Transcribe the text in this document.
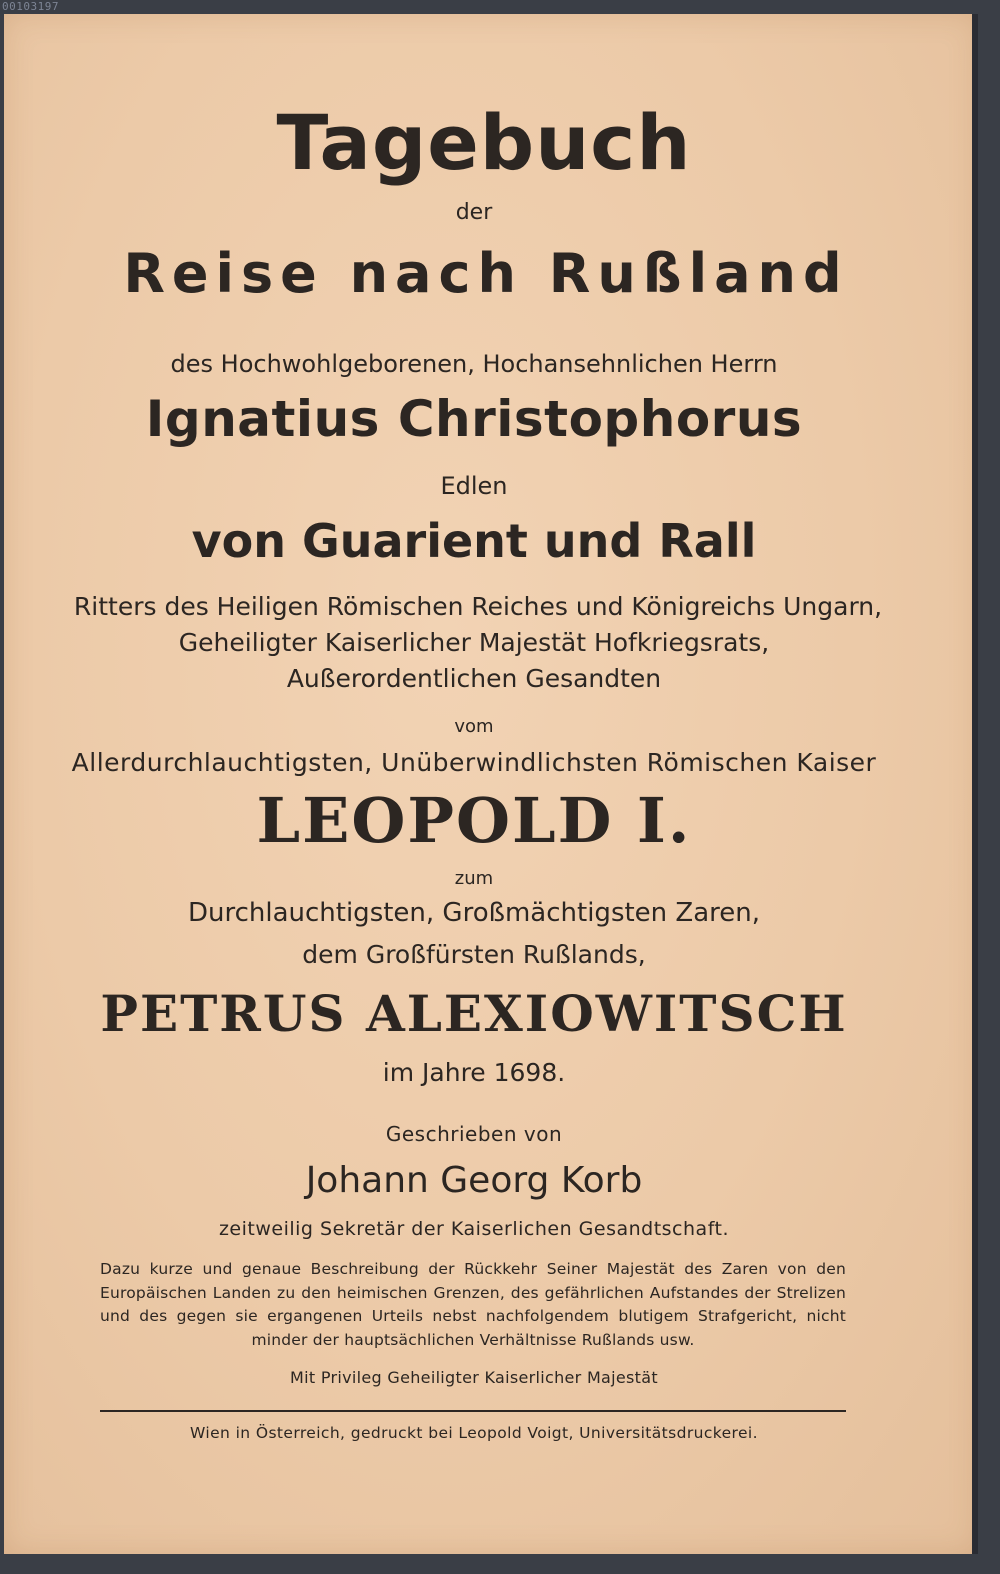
00103197
Tagebuch
der
Reise nach Rußland
des Hochwohlgeborenen, Hochansehnlichen Herrn
Ignatius Christophorus
Edlen
von Guarient und Rall
Ritters des Heiligen Römischen Reiches und Königreichs Ungarn,
Geheiligter Kaiserlicher Majestät Hofkriegsrats,
Außerordentlichen Gesandten
vom
Allerdurchlauchtigsten, Unüberwindlichsten Römischen Kaiser
LEOPOLD I.
zum
Durchlauchtigsten, Großmächtigsten Zaren,
dem Großfürsten Rußlands,
PETRUS ALEXIOWITSCH
im Jahre 1698.
Geschrieben von
Johann Georg Korb
zeitweilig Sekretär der Kaiserlichen Gesandtschaft.
Dazu kurze und genaue Beschreibung der Rückkehr Seiner Majestät des Zaren von den Europäischen Landen zu den heimischen Grenzen, des gefährlichen Aufstandes der Strelizen und des gegen sie ergangenen Urteils nebst nachfolgendem blutigem Strafgericht, nicht minder der hauptsächlichen Verhältnisse Rußlands usw.
Mit Privileg Geheiligter Kaiserlicher Majestät
Wien in Österreich, gedruckt bei Leopold Voigt, Universitätsdruckerei.
